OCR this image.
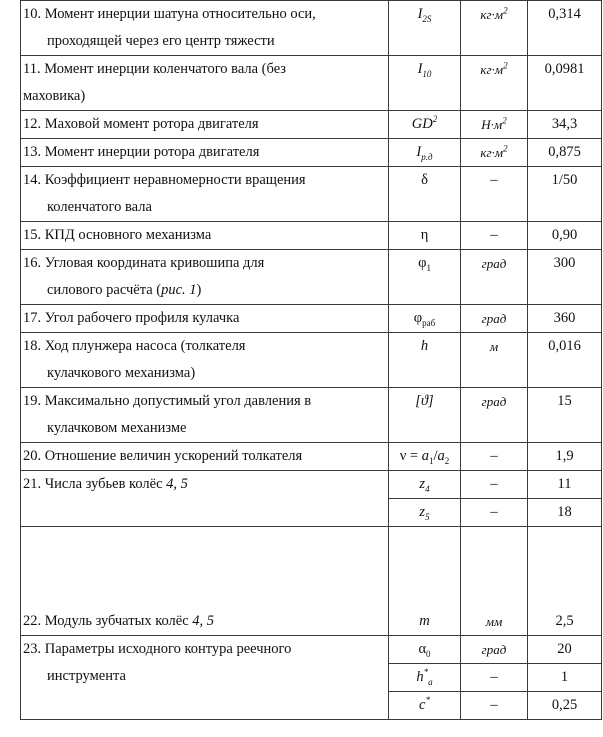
10. Момент инерции шатуна относительно оси,
проходящей через его центр тяжести	$I_{2S}$	$кг\cdot м^2$	0,314

11. Момент инерции коленчатого вала (без
маховика)	$I_{10}$	$кг\cdot м^2$	0,0981
12. Маховой момент ротора двигателя	$GD^2$	$Н\cdot м^2$	34,3
13. Момент инерции ротора двигателя	$I_{р.д}$	$кг\cdot м^2$	0,875

14. Коэффициент неравномерности вращения
коленчатого вала	δ	–	1/50
15. КПД основного механизма	η	–	0,90

16. Угловая координата кривошипа для
силового расчёта (рис. 1)	$\varphi_1$	град	300
17. Угол рабочего профиля кулачка	$\varphi_{раб}$	град	360

18. Ход плунжера насоса (толкателя
кулачкового механизма)	h	м	0,016

19. Максимально допустимый угол давления в
кулачковом механизме	[ϑ]	град	15
20. Отношение величин ускорений толкателя	$\nu = a_1/a_2$	–	1,9
21. Числа зубьев колёс 4, 5	$z_4$	–	11
	$z_5$	–	18
22. Модуль зубчатых колёс 4, 5	m	мм	2,5

23. Параметры исходного контура реечного
инструмента	$\alpha_0$	град	20
	$h^*_a$	–	1
	c*	–	0,25
